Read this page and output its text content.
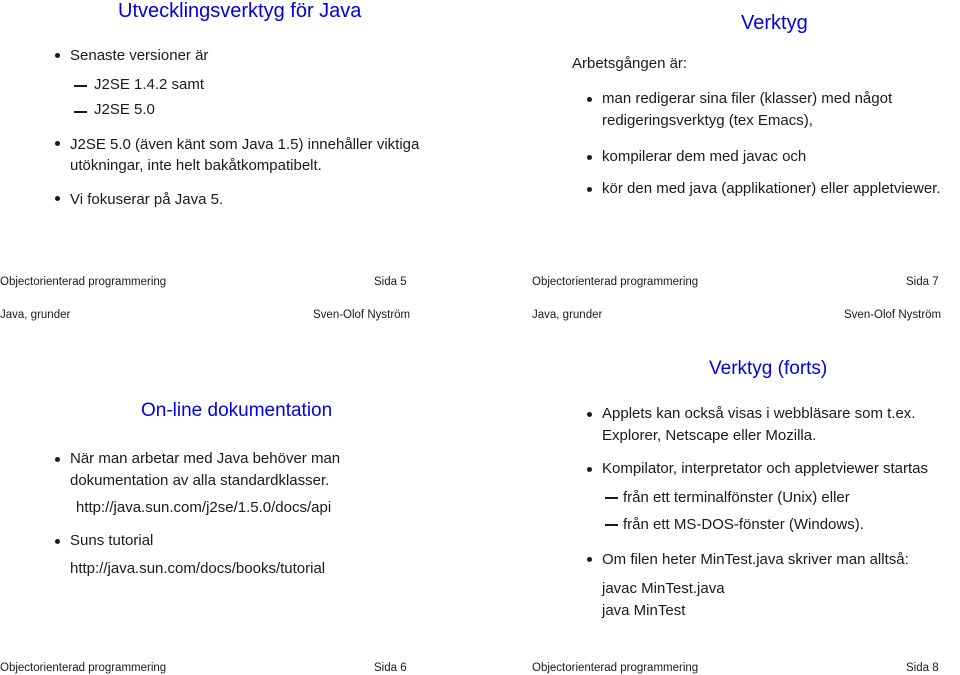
Utvecklingsverktyg för Java
Senaste versioner är
J2SE 1.4.2 samt
J2SE 5.0
J2SE 5.0 (även känt som Java 1.5) innehåller viktiga
utökningar, inte helt bakåtkompatibelt.
Vi fokuserar på Java 5.
Objectorienterad programmering	Sida 5
Verktyg
Arbetsgången är:
man redigerar sina filer (klasser) med något
redigeringsverktyg (tex Emacs),
kompilerar dem med javac och
kör den med java (applikationer) eller appletviewer.
Objectorienterad programmering	Sida 7
Java, grunder	Sven-Olof Nyström	Java, grunder	Sven-Olof Nyström
On-line dokumentation
När man arbetar med Java behöver man
dokumentation av alla standardklasser.
http://java.sun.com/j2se/1.5.0/docs/api
Suns tutorial
http://java.sun.com/docs/books/tutorial
Objectorienterad programmering	Sida 6
Verktyg (forts)
Applets kan också visas i webbläsare som t.ex.
Explorer, Netscape eller Mozilla.
Kompilator, interpretator och appletviewer startas
från ett terminalfönster (Unix) eller
från ett MS-DOS-fönster (Windows).
Om filen heter MinTest.java skriver man alltså:
javac MinTest.java
java MinTest
Objectorienterad programmering	Sida 8
